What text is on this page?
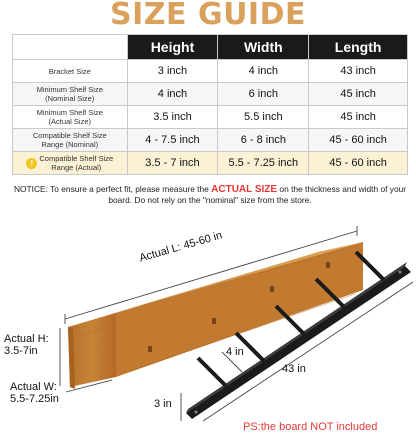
SIZE GUIDE
	Height	Width	Length

Bracket Size	3 inch	4 inch	43 inch

Minimum Shelf Size
(Nominal Size)	4 inch	6 inch	45 inch

Minimum Shelf Size
(Actual Size)	3.5 inch	5.5 inch	45 inch

Compatible Shelf Size
Range (Nominal)	4 - 7.5 inch	6 - 8 inch	45 - 60 inch
! Compatible Shelf Size
Range (Actual)	3.5 - 7 inch	5.5 - 7.25 inch	45 - 60 inch
NOTICE: To ensure a perfect fit, please measure the ACTUAL SIZE on the thickness and width of your board. Do not rely on the "nominal" size from the store.
Actual L: 45-60 in
Actual H:
3.5-7in
Actual W:
5.5-7.25in
4 in
43 in
3 in
PS:the board NOT included
